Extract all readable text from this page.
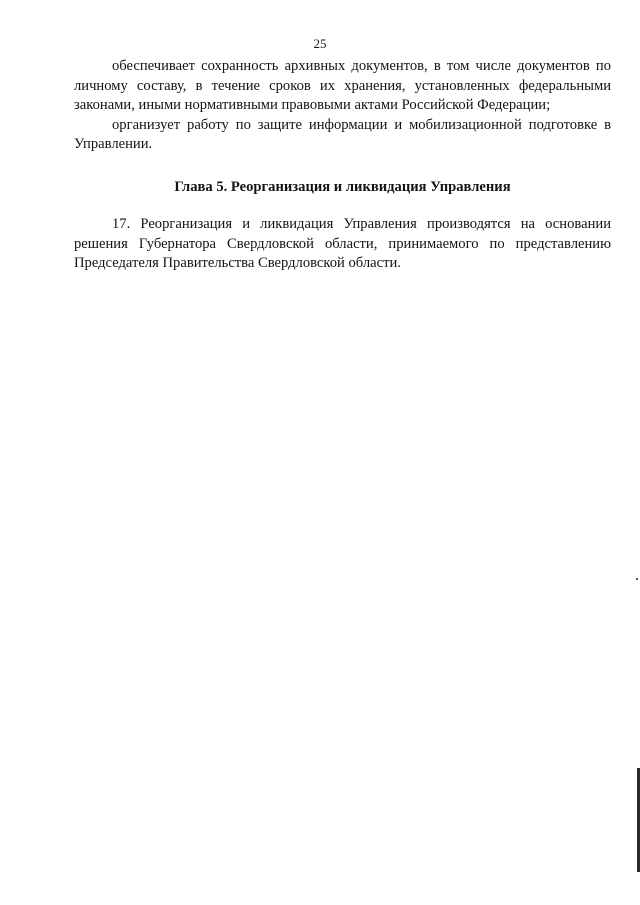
25

обеспечивает сохранность архивных документов, в том числе документов по личному составу, в течение сроков их хранения, установленных федеральными законами, иными нормативными правовыми актами Российской Федерации;

организует работу по защите информации и мобилизационной подготовке в Управлении.

Глава 5. Реорганизация и ликвидация Управления

17. Реорганизация и ликвидация Управления производятся на основании решения Губернатора Свердловской области, принимаемого по представлению Председателя Правительства Свердловской области.
